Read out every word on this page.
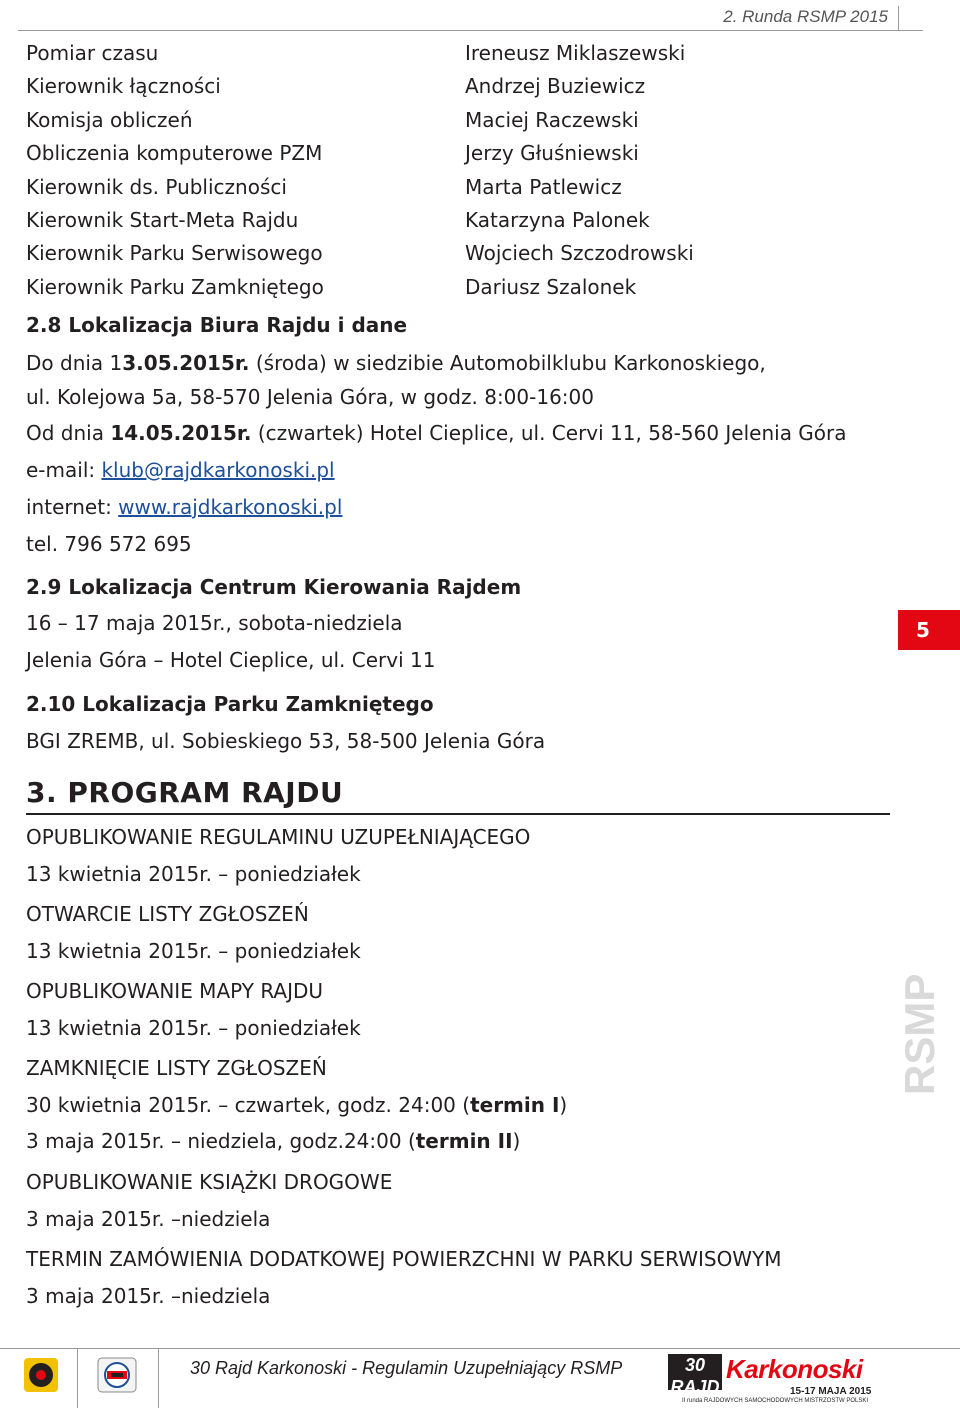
2. Runda RSMP 2015
Pomiar czasu
Kierownik łączności
Komisja obliczeń
Obliczenia komputerowe PZM
Kierownik ds. Publiczności
Kierownik Start-Meta Rajdu
Kierownik Parku Serwisowego
Kierownik Parku Zamkniętego
Ireneusz Miklaszewski
Andrzej Buziewicz
Maciej Raczewski
Jerzy Głuśniewski
Marta Patlewicz
Katarzyna Palonek
Wojciech Szczodrowski
Dariusz Szalonek
2.8 Lokalizacja Biura Rajdu i dane
Do dnia 13.05.2015r. (środa) w siedzibie Automobilklubu Karkonoskiego,
ul. Kolejowa 5a, 58-570 Jelenia Góra, w godz. 8:00-16:00
Od dnia 14.05.2015r. (czwartek) Hotel Cieplice, ul. Cervi 11, 58-560 Jelenia Góra
e-mail: klub@rajdkarkonoski.pl
internet: www.rajdkarkonoski.pl
tel. 796 572 695
2.9 Lokalizacja Centrum Kierowania Rajdem
16 – 17 maja 2015r., sobota-niedziela
Jelenia Góra – Hotel Cieplice, ul. Cervi 11
2.10 Lokalizacja Parku Zamkniętego
BGI ZREMB, ul. Sobieskiego 53, 58-500 Jelenia Góra
3. PROGRAM RAJDU
OPUBLIKOWANIE REGULAMINU UZUPEŁNIAJĄCEGO
13 kwietnia 2015r. – poniedziałek
OTWARCIE LISTY ZGŁOSZEŃ
13 kwietnia 2015r. – poniedziałek
OPUBLIKOWANIE MAPY RAJDU
13 kwietnia 2015r. – poniedziałek
ZAMKNIĘCIE LISTY ZGŁOSZEŃ
30 kwietnia 2015r. – czwartek, godz. 24:00 (termin I)
3 maja 2015r. – niedziela, godz.24:00 (termin II)
OPUBLIKOWANIE KSIĄŻKI DROGOWE
3 maja 2015r. –niedziela
TERMIN ZAMÓWIENIA DODATKOWEJ POWIERZCHNI W PARKU SERWISOWYM
3 maja 2015r. –niedziela
5
RSMP
30 Rajd Karkonoski - Regulamin Uzupełniający RSMP	30 RAJD
Karkonoski
15-17 MAJA 2015
II runda RAJDOWYCH SAMOCHODOWYCH MISTRZOSTW POLSKI
